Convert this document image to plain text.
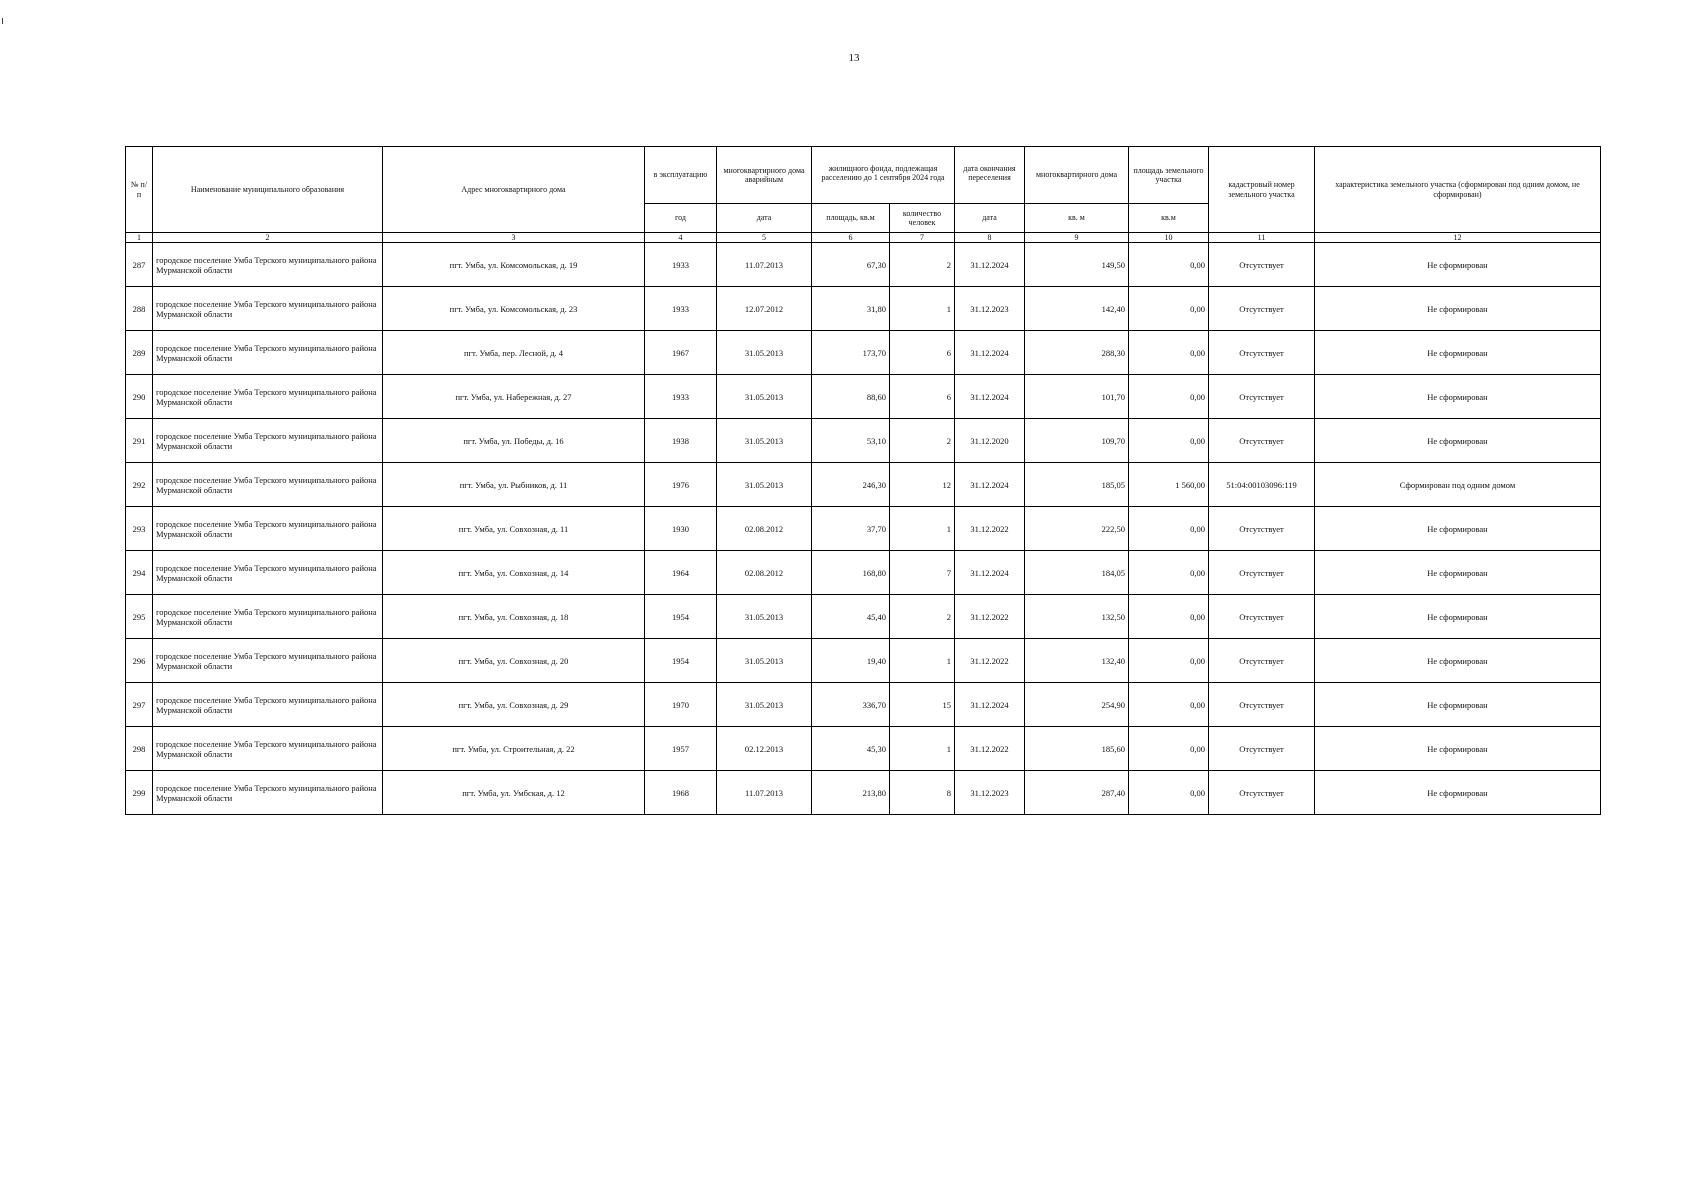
13
№ п/п	Наименование муниципального образования	Адрес многоквартирного дома	в эксплуатацию	многоквартирного дома аварийным	жилищного фонда, подлежащая расселению до 1 сентября 2024 года		дата окончания переселения	многоквартирного дома	площадь земельного участка	кадастровый номер земельного участка	характеристика земельного участка (сформирован под одним домом, не сформирован)
			год	дата	площадь, кв.м	количество человек	дата	кв. м	кв.м		
1	2	3	4	5	6	7	8	9	10	11	12
287	городское поселение Умба Терского муниципального района Мурманской области	пгт. Умба, ул. Комсомольская, д. 19	1933	11.07.2013	67,30	2	31.12.2024	149,50	0,00	Отсутствует	Не сформирован
288	городское поселение Умба Терского муниципального района Мурманской области	пгт. Умба, ул. Комсомольская, д. 23	1933	12.07.2012	31,80	1	31.12.2023	142,40	0,00	Отсутствует	Не сформирован
289	городское поселение Умба Терского муниципального района Мурманской области	пгт. Умба, пер. Лесной, д. 4	1967	31.05.2013	173,70	6	31.12.2024	288,30	0,00	Отсутствует	Не сформирован
290	городское поселение Умба Терского муниципального района Мурманской области	пгт. Умба, ул. Набережная, д. 27	1933	31.05.2013	88,60	6	31.12.2024	101,70	0,00	Отсутствует	Не сформирован
291	городское поселение Умба Терского муниципального района Мурманской области	пгт. Умба, ул. Победы, д. 16	1938	31.05.2013	53,10	2	31.12.2020	109,70	0,00	Отсутствует	Не сформирован
292	городское поселение Умба Терского муниципального района Мурманской области	пгт. Умба, ул. Рыбников, д. 11	1976	31.05.2013	246,30	12	31.12.2024	185,05	1 560,00	51:04:00103096:119	Сформирован под одним домом
293	городское поселение Умба Терского муниципального района Мурманской области	пгт. Умба, ул. Совхозная, д. 11	1930	02.08.2012	37,70	1	31.12.2022	222,50	0,00	Отсутствует	Не сформирован
294	городское поселение Умба Терского муниципального района Мурманской области	пгт. Умба, ул. Совхозная, д. 14	1964	02.08.2012	168,80	7	31.12.2024	184,05	0,00	Отсутствует	Не сформирован
295	городское поселение Умба Терского муниципального района Мурманской области	пгт. Умба, ул. Совхозная, д. 18	1954	31.05.2013	45,40	2	31.12.2022	132,50	0,00	Отсутствует	Не сформирован
296	городское поселение Умба Терского муниципального района Мурманской области	пгт. Умба, ул. Совхозная, д. 20	1954	31.05.2013	19,40	1	31.12.2022	132,40	0,00	Отсутствует	Не сформирован
297	городское поселение Умба Терского муниципального района Мурманской области	пгт. Умба, ул. Совхозная, д. 29	1970	31.05.2013	336,70	15	31.12.2024	254,90	0,00	Отсутствует	Не сформирован
298	городское поселение Умба Терского муниципального района Мурманской области	пгт. Умба, ул. Строительная, д. 22	1957	02.12.2013	45,30	1	31.12.2022	185,60	0,00	Отсутствует	Не сформирован
299	городское поселение Умба Терского муниципального района Мурманской области	пгт. Умба, ул. Умбская, д. 12	1968	11.07.2013	213,80	8	31.12.2023	287,40	0,00	Отсутствует	Не сформирован
